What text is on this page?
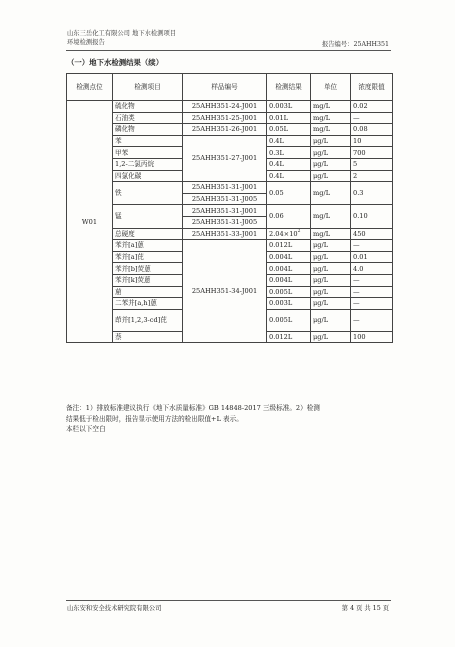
山东三岳化工有限公司 地下水检测项目
环境检测报告	报告编号：25AHH351
（一）地下水检测结果（续）
检测点位	检测项目	样品编号	检测结果	单位	浓度限值
W01	硫化物	25AHH351-24-J001	0.003L	mg/L	0.02
	石油类	25AHH351-25-J001	0.01L	mg/L	—
	磷化物	25AHH351-26-J001	0.05L	mg/L	0.08
	苯	25AHH351-27-J001	0.4L	μg/L	10
	甲苯		0.3L	μg/L	700
	1,2-二氯丙烷		0.4L	μg/L	5
	四氯化碳		0.4L	μg/L	2
	铁	25AHH351-31-J001	0.05	mg/L	0.3
		25AHH351-31-J005			
	锰	25AHH351-31-J001	0.06	mg/L	0.10
		25AHH351-31-J005			
	总硬度	25AHH351-33-J001	$2.04\times 10^2$	mg/L	450
	苯并[a]蒽	25AHH351-34-J001	0.012L	μg/L	—
	苯并[a]芘		0.004L	μg/L	0.01
	苯并[b]荧蒽		0.004L	μg/L	4.0
	苯并[k]荧蒽		0.004L	μg/L	—
	䓛		0.005L	μg/L	—
	二苯并[a,h]蒽		0.003L	μg/L	—
	茚并[1,2,3-cd]芘		0.005L	μg/L	—
	萘		0.012L	μg/L	100
备注：1）排放标准建议执行《地下水质量标准》GB 14848-2017 三级标准。2）检测
结果低于检出限时，报告显示使用方法的检出限值+L 表示。
本栏以下空白
山东安和安全技术研究院有限公司	第 4 页 共 15 页
